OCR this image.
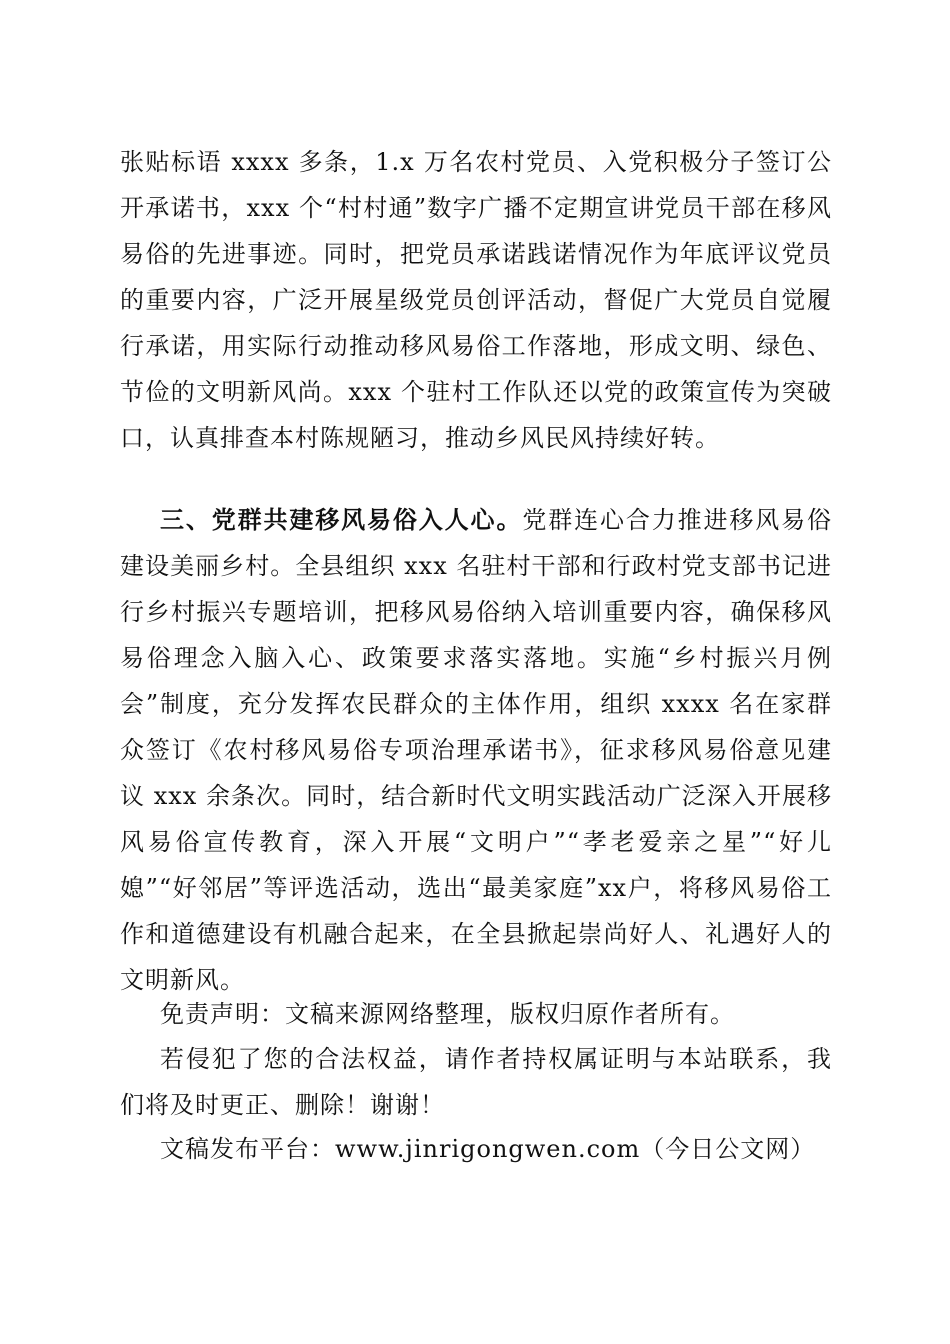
张贴标语 xxxx 多条，1.x 万名农村党员、入党积极分子签订公开承诺书，xxx 个“村村通”数字广播不定期宣讲党员干部在移风易俗的先进事迹。同时，把党员承诺践诺情况作为年底评议党员的重要内容，广泛开展星级党员创评活动，督促广大党员自觉履行承诺，用实际行动推动移风易俗工作落地，形成文明、绿色、节俭的文明新风尚。xxx 个驻村工作队还以党的政策宣传为突破口，认真排查本村陈规陋习，推动乡风民风持续好转。

三、党群共建移风易俗入人心。党群连心合力推进移风易俗建设美丽乡村。全县组织 xxx 名驻村干部和行政村党支部书记进行乡村振兴专题培训，把移风易俗纳入培训重要内容，确保移风易俗理念入脑入心、政策要求落实落地。实施“乡村振兴月例会”制度，充分发挥农民群众的主体作用，组织 xxxx 名在家群众签订《农村移风易俗专项治理承诺书》，征求移风易俗意见建议 xxx 余条次。同时，结合新时代文明实践活动广泛深入开展移风易俗宣传教育，深入开展“文明户”“孝老爱亲之星”“好儿媳”“好邻居”等评选活动，选出“最美家庭”xx户，将移风易俗工作和道德建设有机融合起来，在全县掀起崇尚好人、礼遇好人的文明新风。

免责声明：文稿来源网络整理，版权归原作者所有。

若侵犯了您的合法权益，请作者持权属证明与本站联系，我们将及时更正、删除！谢谢！

文稿发布平台：www.jinrigongwen.com（今日公文网）
